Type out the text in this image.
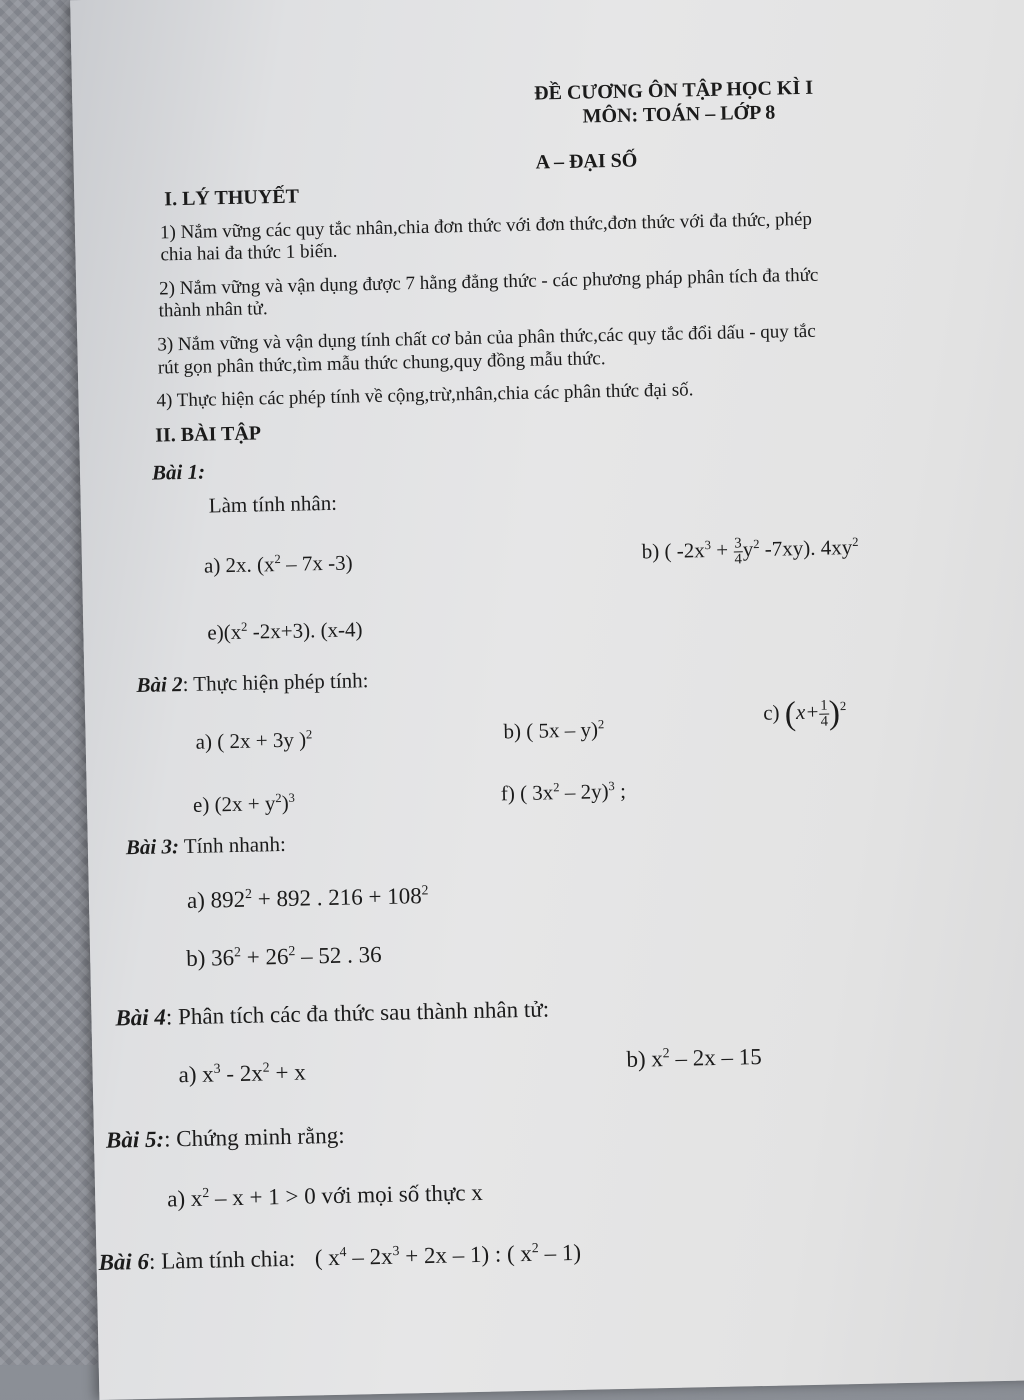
ĐỀ CƯƠNG ÔN TẬP HỌC KÌ I
MÔN: TOÁN – LỚP 8
A – ĐẠI SỐ
I. LÝ THUYẾT
1) Nắm vững các quy tắc nhân,chia đơn thức với đơn thức,đơn thức với đa thức, phép
chia hai đa thức 1 biến.
2) Nắm vững và vận dụng được 7 hằng đẳng thức - các phương pháp phân tích đa thức
thành nhân tử.
3) Nắm vững và vận dụng tính chất cơ bản của phân thức,các quy tắc đổi dấu - quy tắc
rút gọn phân thức,tìm mẫu thức chung,quy đồng mẫu thức.
4) Thực hiện các phép tính về cộng,trừ,nhân,chia các phân thức đại số.
II. BÀI TẬP
Bài 1:
Làm tính nhân:
a) 2x. ($x^2 - 7x$ -3)	b) ( $-2x^3 + \frac{3}{4} y^2$ -7xy). $4xy^2$
$e)(x^2$ -2x+3). (x-4)
Bài 2: Thực hiện phép tính:
a) ( 2x + 3y )$^2$	b) ( 5x – y)$^2$	c) $(x+ \frac{1}{4} )^2$
e) $(2x + y^2)^3$	f) ( $3x^2 - 2y)^3$ ;
Bài 3: Tính nhanh:
a) $892^2 + 892$ . $216 + 108^2$
b) $36^2 + 26^2 - 52$ . 36
Bài 4: Phân tích các đa thức sau thành nhân tử:
a) $x^3 - 2x^2 + x$
b) $x^2 - 2x - 15$
Bài 5:: Chứng minh rằng:
a) $x^2 - x + 1 > 0$ với mọi số thực x
Bài 6: Làm tính chia: ( $x^4 - 2x^3 + 2x - 1$) : ( $x^2 - 1$)
